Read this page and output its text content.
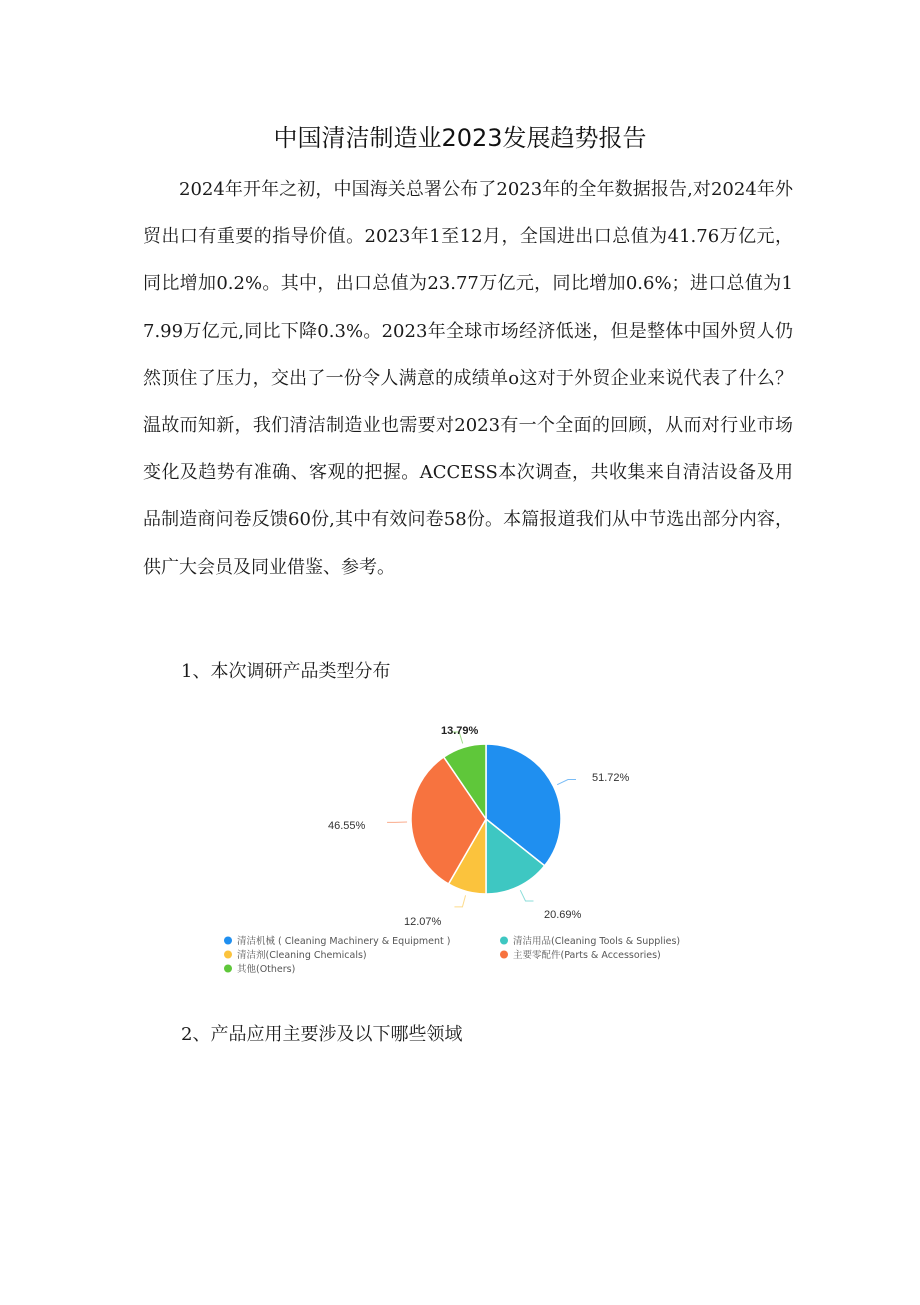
中国清洁制造业2023发展趋势报告

2024年开年之初，中国海关总署公布了2023年的全年数据报告,对2024年外贸出口有重要的指导价值。2023年1至12月，全国进出口总值为41.76万亿元，同比增加0.2%。其中，出口总值为23.77万亿元，同比增加0.6%；进口总值为17.99万亿元,同比下降0.3%。2023年全球市场经济低迷，但是整体中国外贸人仍然顶住了压力，交出了一份令人满意的成绩单o这对于外贸企业来说代表了什么？温故而知新，我们清洁制造业也需要对2023有一个全面的回顾，从而对行业市场变化及趋势有准确、客观的把握。ACCESS本次调查，共收集来自清洁设备及用品制造商问卷反馈60份,其中有效问卷58份。本篇报道我们从中节选出部分内容，供广大会员及同业借鉴、参考。

1、本次调研产品类型分布
51.72%
20.69%
12.07%
46.55%
13.79%
清洁机械 ( Cleaning Machinery & Equipment )	清洁用品(Cleaning Tools & Supplies)
清洁剂(Cleaning Chemicals)	主要零配件(Parts & Accessories)
其他(Others)
2、产品应用主要涉及以下哪些领域
